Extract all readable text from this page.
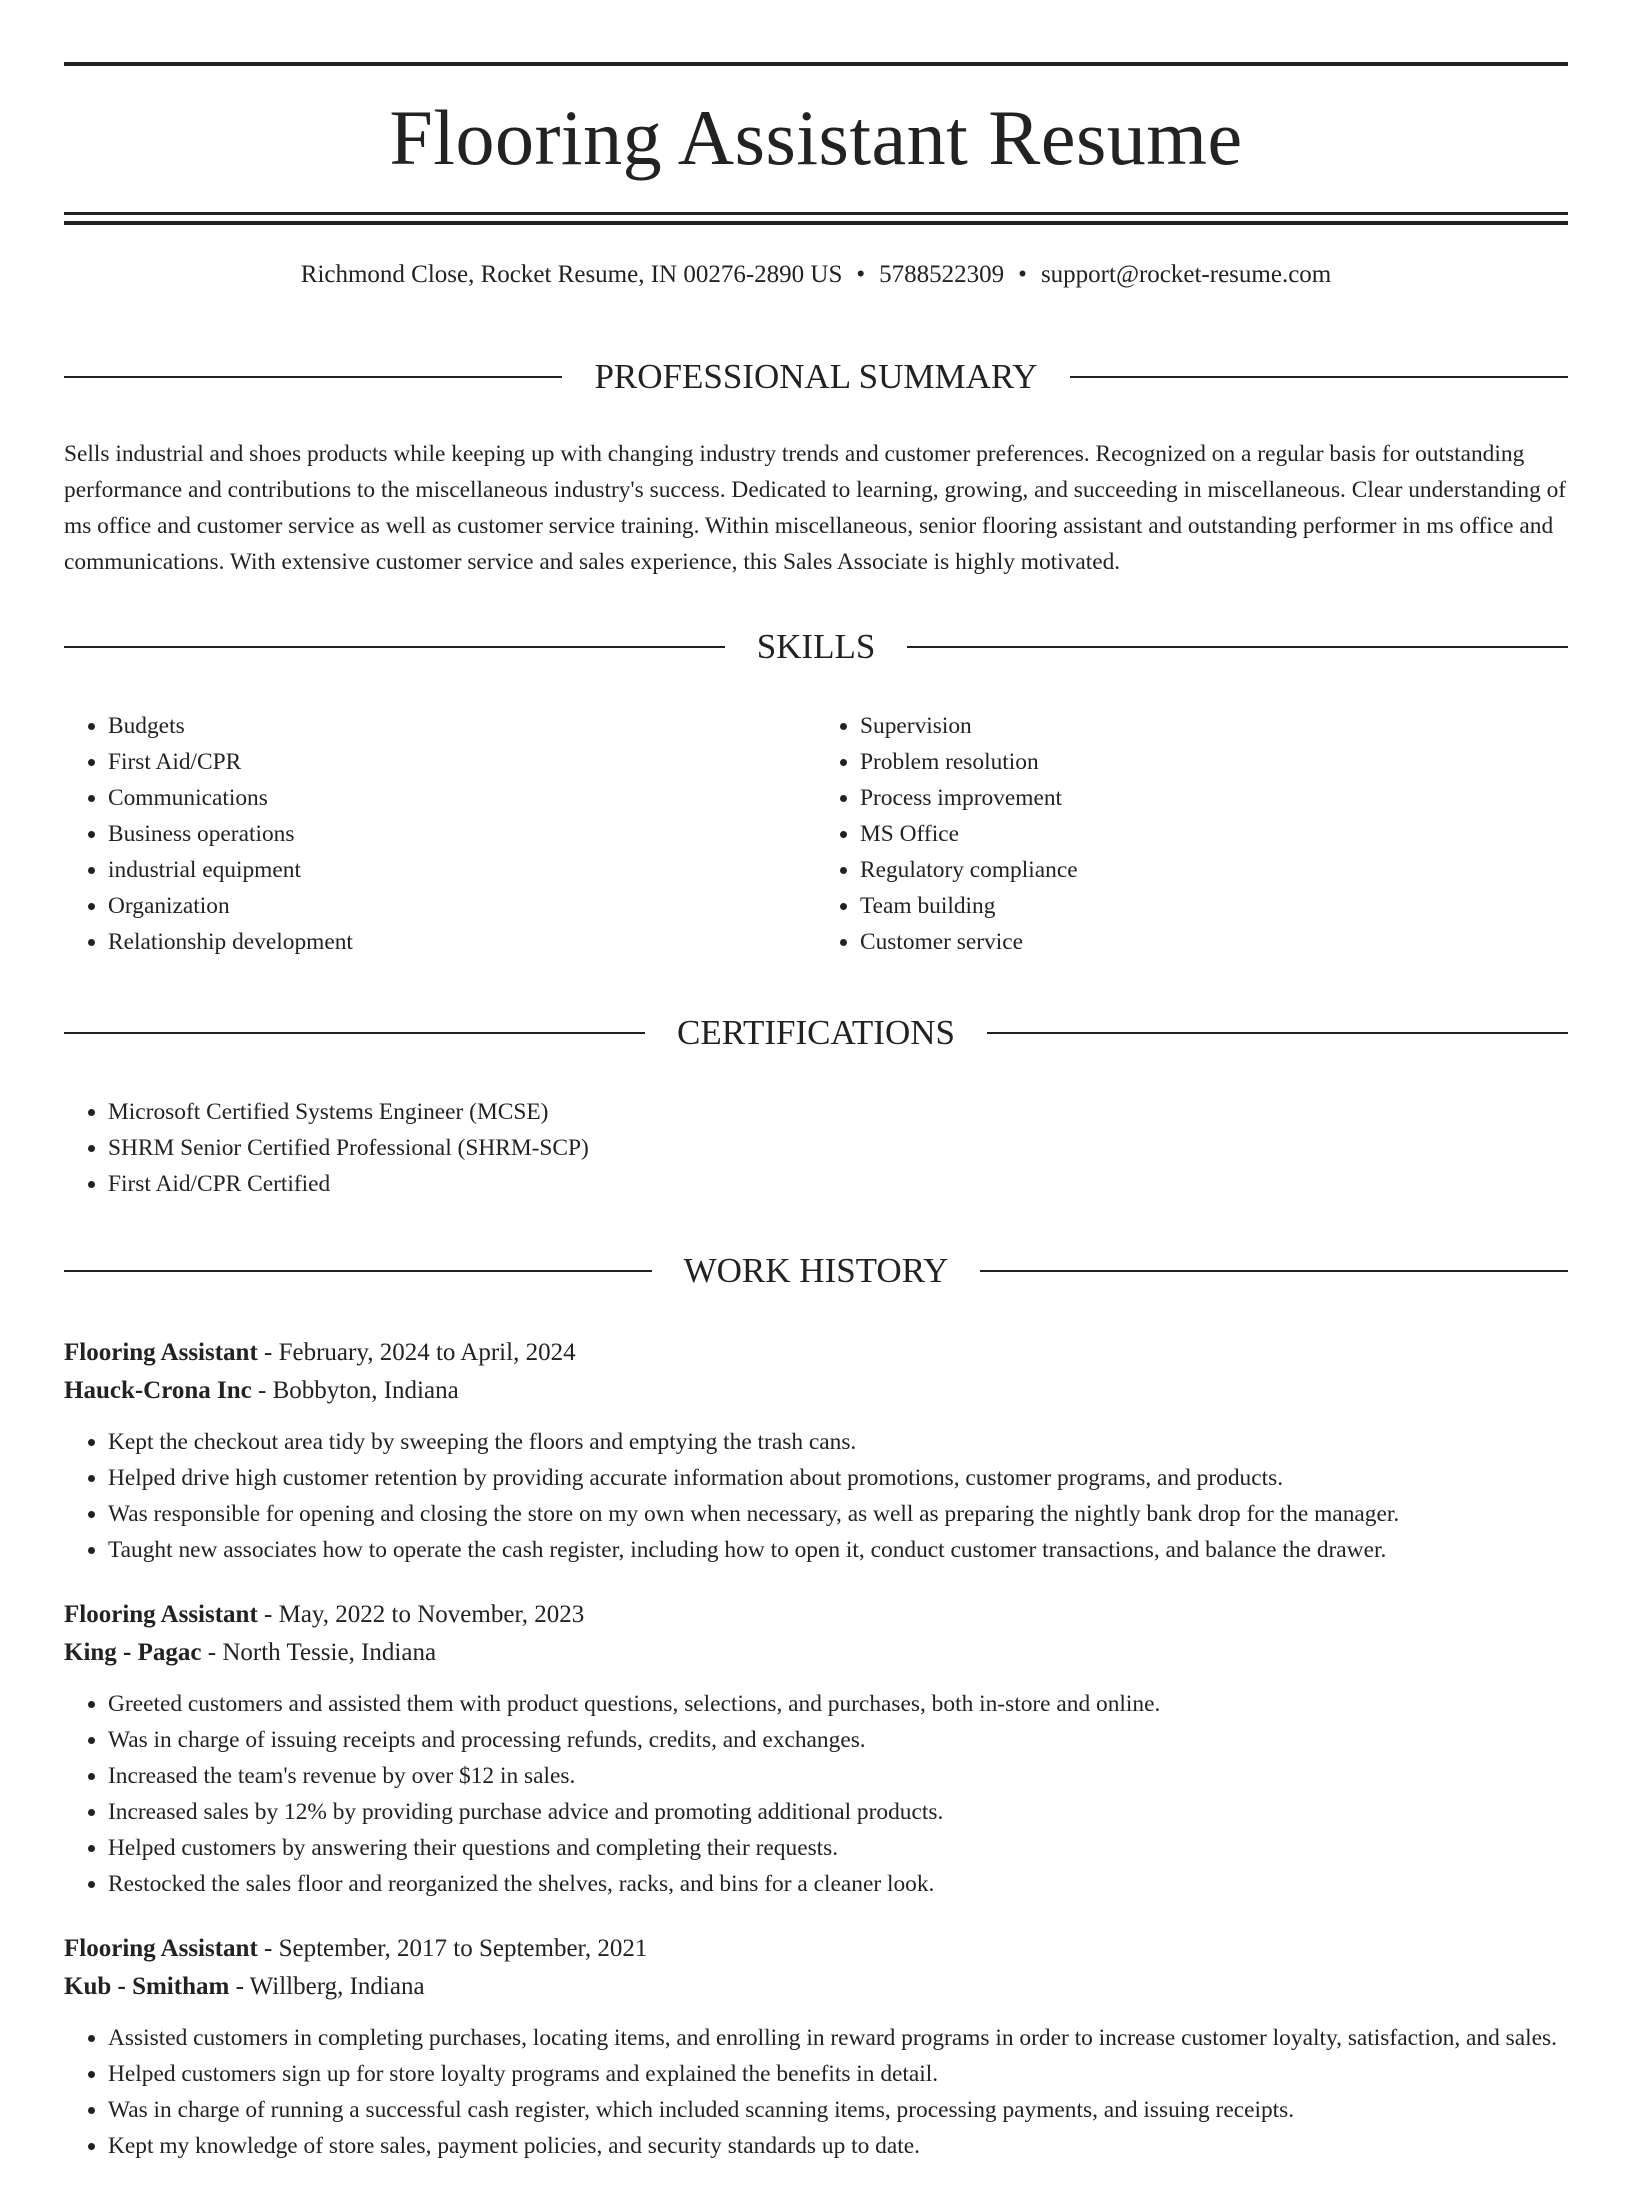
Flooring Assistant Resume
Richmond Close, Rocket Resume, IN 00276-2890 US • 5788522309 • support@rocket-resume.com
PROFESSIONAL SUMMARY

Sells industrial and shoes products while keeping up with changing industry trends and customer preferences. Recognized on a regular basis for outstanding performance and contributions to the miscellaneous industry's success. Dedicated to learning, growing, and succeeding in miscellaneous. Clear understanding of ms office and customer service as well as customer service training. Within miscellaneous, senior flooring assistant and outstanding performer in ms office and communications. With extensive customer service and sales experience, this Sales Associate is highly motivated.

SKILLS
• Budgets
• First Aid/CPR
• Communications
• Business operations
• industrial equipment
• Organization
• Relationship development
• Supervision
• Problem resolution
• Process improvement
• MS Office
• Regulatory compliance
• Team building
• Customer service
CERTIFICATIONS
• Microsoft Certified Systems Engineer (MCSE)
• SHRM Senior Certified Professional (SHRM-SCP)
• First Aid/CPR Certified
WORK HISTORY
Flooring Assistant - February, 2024 to April, 2024
Hauck-Crona Inc - Bobbyton, Indiana
• Kept the checkout area tidy by sweeping the floors and emptying the trash cans.
• Helped drive high customer retention by providing accurate information about promotions, customer programs, and products.
• Was responsible for opening and closing the store on my own when necessary, as well as preparing the nightly bank drop for the manager.
• Taught new associates how to operate the cash register, including how to open it, conduct customer transactions, and balance the drawer.
Flooring Assistant - May, 2022 to November, 2023
King - Pagac - North Tessie, Indiana
• Greeted customers and assisted them with product questions, selections, and purchases, both in-store and online.
• Was in charge of issuing receipts and processing refunds, credits, and exchanges.
• Increased the team's revenue by over $12 in sales.
• Increased sales by 12% by providing purchase advice and promoting additional products.
• Helped customers by answering their questions and completing their requests.
• Restocked the sales floor and reorganized the shelves, racks, and bins for a cleaner look.
Flooring Assistant - September, 2017 to September, 2021
Kub - Smitham - Willberg, Indiana
• Assisted customers in completing purchases, locating items, and enrolling in reward programs in order to increase customer loyalty, satisfaction, and sales.
• Helped customers sign up for store loyalty programs and explained the benefits in detail.
• Was in charge of running a successful cash register, which included scanning items, processing payments, and issuing receipts.
• Kept my knowledge of store sales, payment policies, and security standards up to date.
